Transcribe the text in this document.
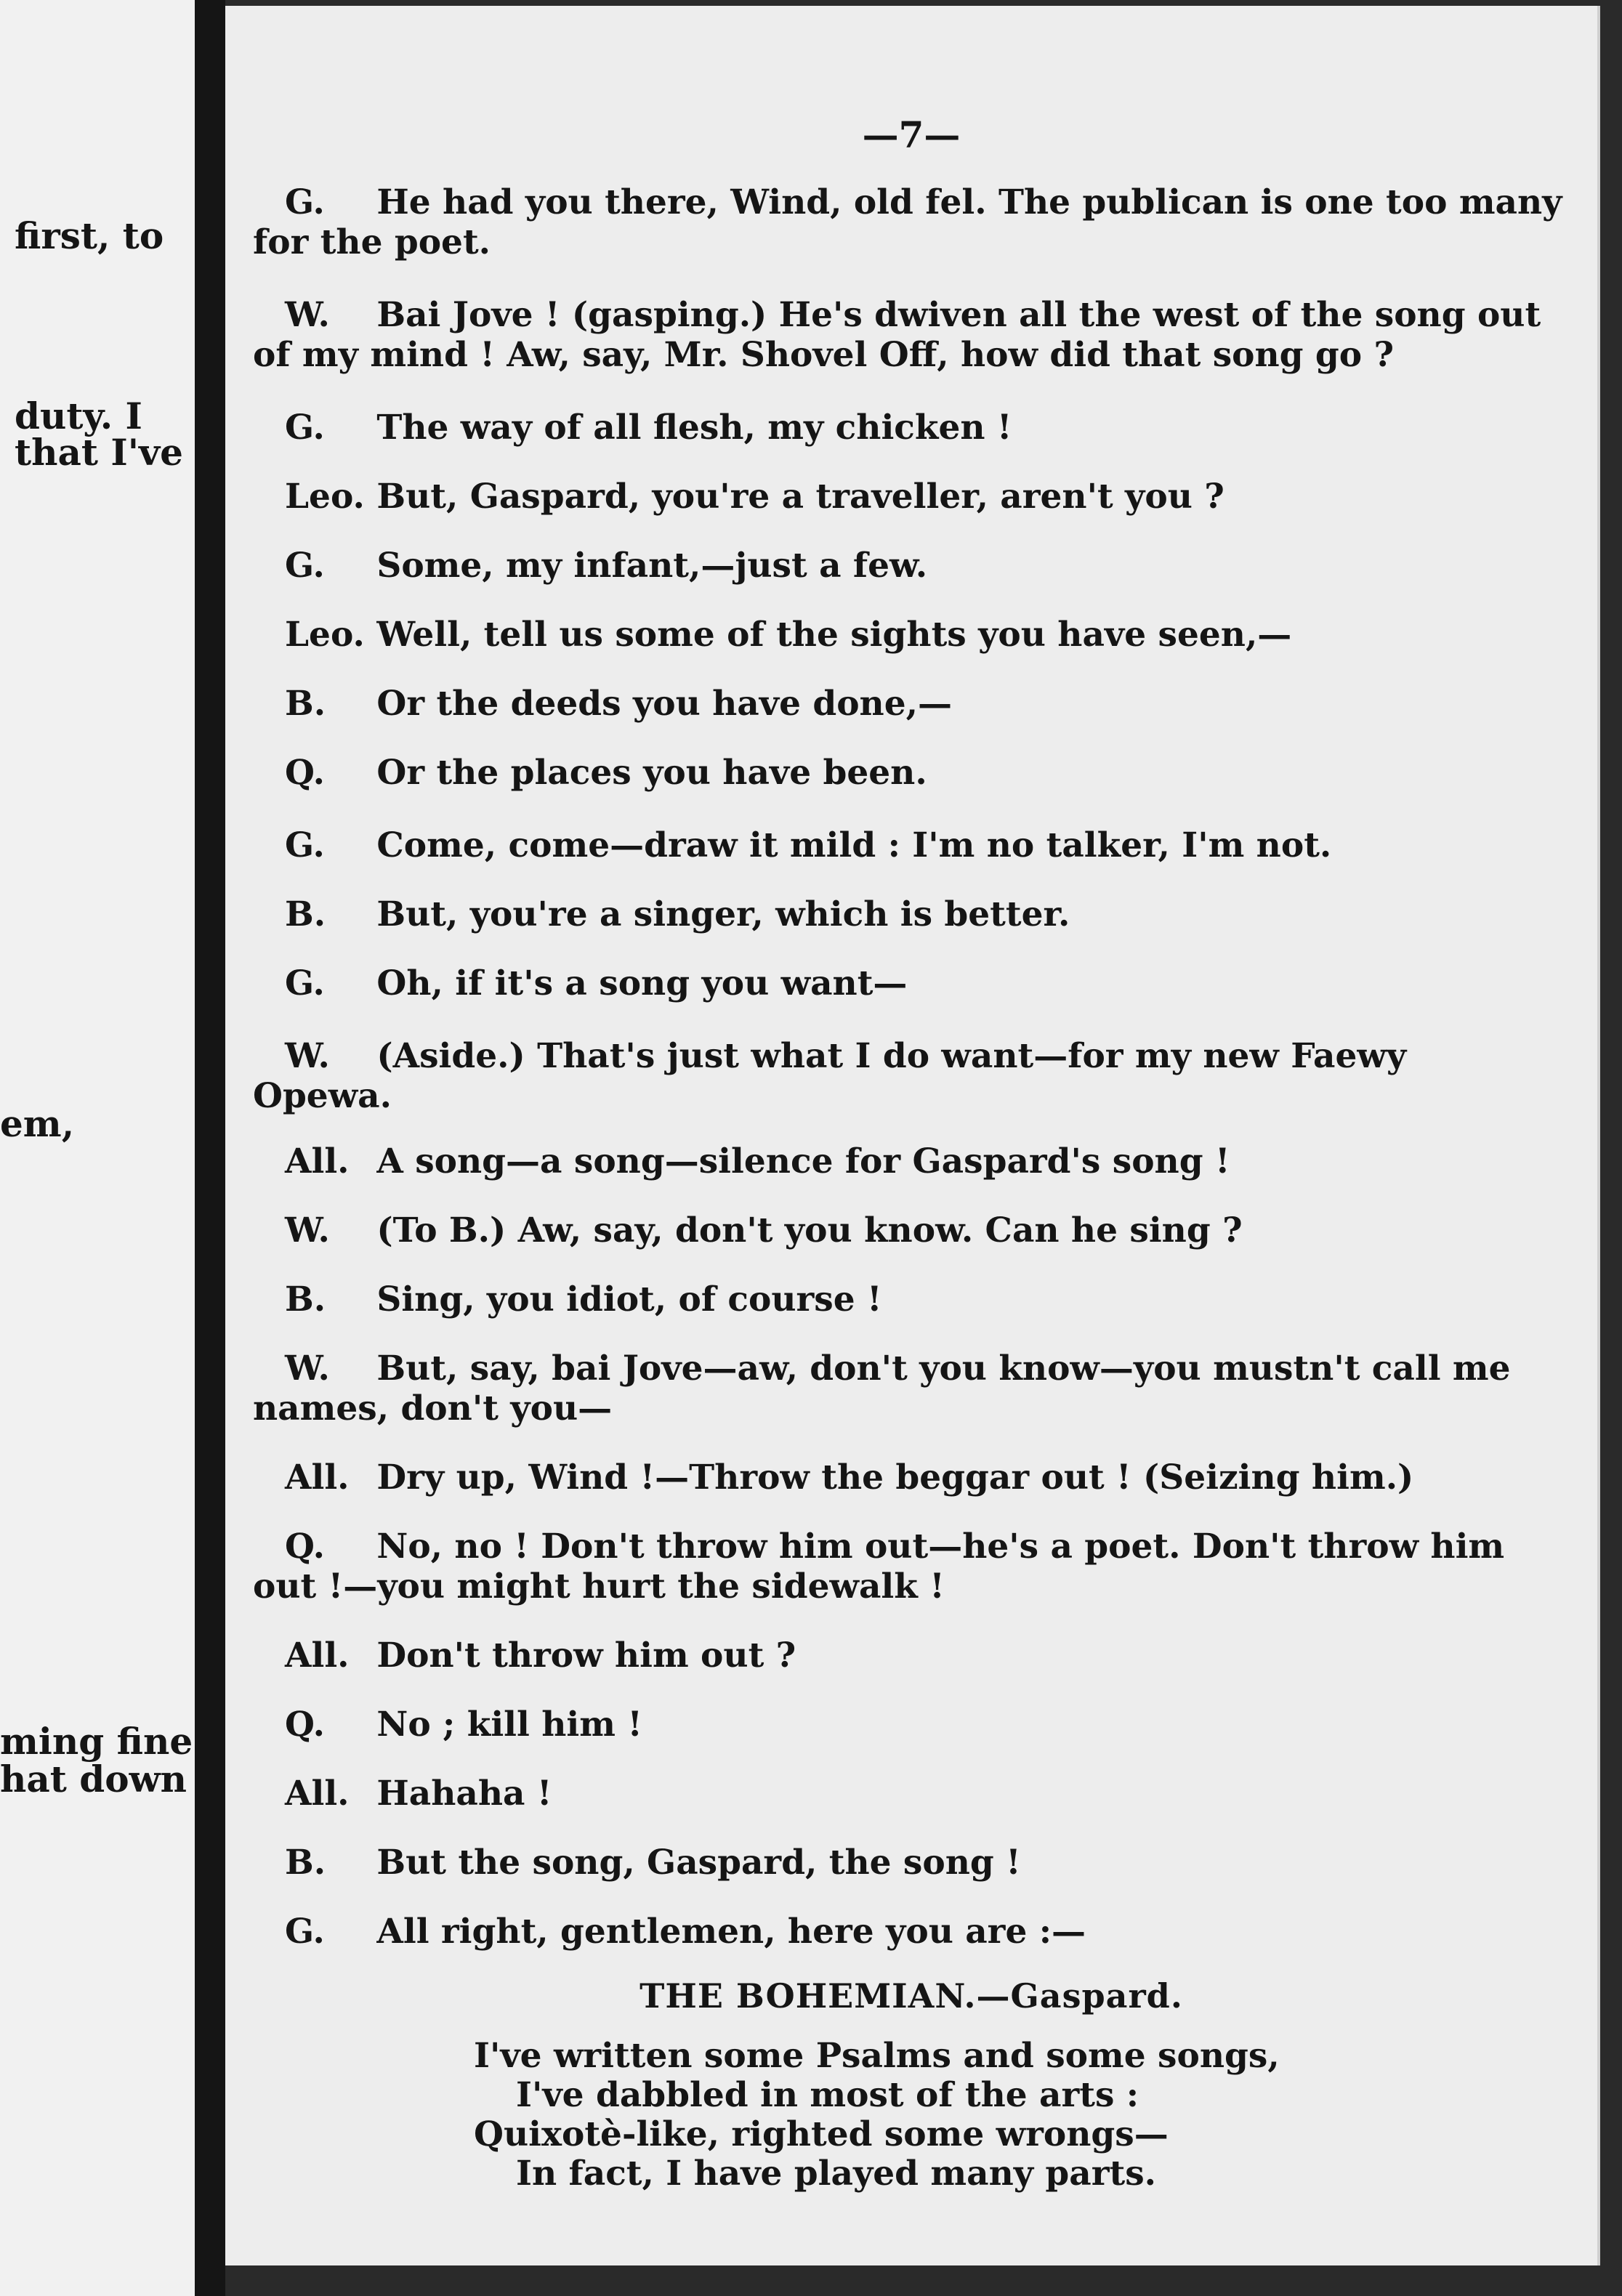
first, to
duty. I
that I've
em,
ming fine
hat down
—7—
G. He had you there, Wind, old fel. The publican is one too many
for the poet.
W. Bai Jove ! (gasping.) He's dwiven all the west of the song out
of my mind ! Aw, say, Mr. Shovel Off, how did that song go ?
G. The way of all flesh, my chicken !
Leo. But, Gaspard, you're a traveller, aren't you ?
G. Some, my infant,—just a few.
Leo. Well, tell us some of the sights you have seen,—
B. Or the deeds you have done,—
Q. Or the places you have been.
G. Come, come—draw it mild : I'm no talker, I'm not.
B. But, you're a singer, which is better.
G. Oh, if it's a song you want—
W. (Aside.) That's just what I do want—for my new Faewy
Opewa.
All. A song—a song—silence for Gaspard's song !
W. (To B.) Aw, say, don't you know. Can he sing ?
B. Sing, you idiot, of course !
W. But, say, bai Jove—aw, don't you know—you mustn't call me
names, don't you—
All. Dry up, Wind !—Throw the beggar out ! (Seizing him.)
Q. No, no ! Don't throw him out—he's a poet. Don't throw him
out !—you might hurt the sidewalk !
All. Don't throw him out ?
Q. No ; kill him !
All. Hahaha !
B. But the song, Gaspard, the song !
G. All right, gentlemen, here you are :—
THE BOHEMIAN.—Gaspard.
I've written some Psalms and some songs,
I've dabbled in most of the arts :
Quixotè-like, righted some wrongs—
In fact, I have played many parts.
